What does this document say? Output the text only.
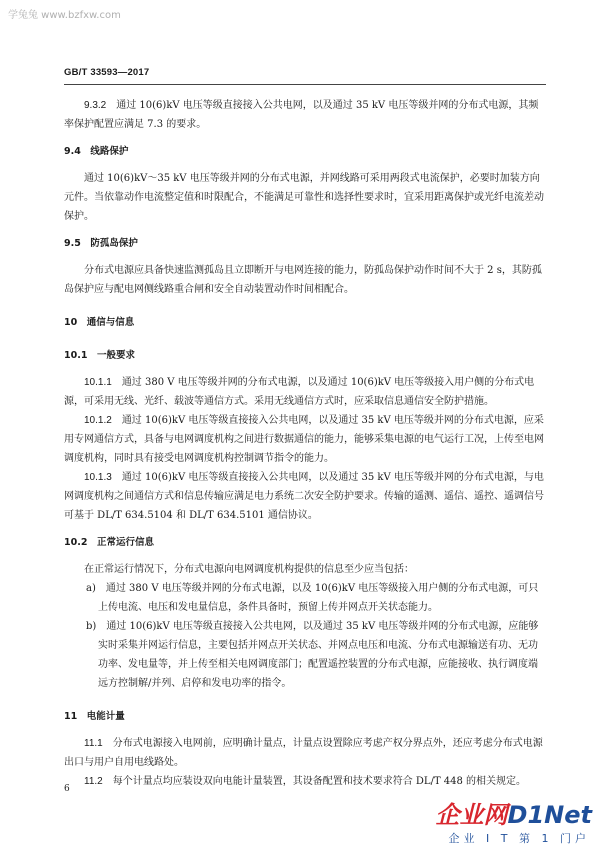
学兔兔 www.bzfxw.com
GB/T 33593—2017

9.3.2　 通过 10(6)kV 电压等级直接接入公共电网，以及通过 35 kV 电压等级并网的分布式电源，其频率保护配置应满足 7.3 的要求。

9.4　 线路保护

通过 10(6)kV～35 kV 电压等级并网的分布式电源，并网线路可采用两段式电流保护，必要时加装方向元件。当依靠动作电流整定值和时限配合，不能满足可靠性和选择性要求时，宜采用距离保护或光纤电流差动保护。

9.5　 防孤岛保护

分布式电源应具备快速监测孤岛且立即断开与电网连接的能力，防孤岛保护动作时间不大于 2 s，其防孤岛保护应与配电网侧线路重合闸和安全自动装置动作时间相配合。

10　 通信与信息

10.1　 一般要求

10.1.1　 通过 380 V 电压等级并网的分布式电源，以及通过 10(6)kV 电压等级接入用户侧的分布式电源，可采用无线、光纤、载波等通信方式。采用无线通信方式时，应采取信息通信安全防护措施。

10.1.2　 通过 10(6)kV 电压等级直接接入公共电网，以及通过 35 kV 电压等级并网的分布式电源，应采用专网通信方式，具备与电网调度机构之间进行数据通信的能力，能够采集电源的电气运行工况，上传至电网调度机构，同时具有接受电网调度机构控制调节指令的能力。

10.1.3　 通过 10(6)kV 电压等级直接接入公共电网，以及通过 35 kV 电压等级并网的分布式电源，与电网调度机构之间通信方式和信息传输应满足电力系统二次安全防护要求。传输的遥测、遥信、遥控、遥调信号可基于 DL/T 634.5104 和 DL/T 634.5101 通信协议。

10.2　 正常运行信息

在正常运行情况下，分布式电源向电网调度机构提供的信息至少应当包括：

a)　 通过 380 V 电压等级并网的分布式电源，以及 10(6)kV 电压等级接入用户侧的分布式电源，可只上传电流、电压和发电量信息，条件具备时，预留上传并网点开关状态能力。

b)　 通过 10(6)kV 电压等级直接接入公共电网，以及通过 35 kV 电压等级并网的分布式电源，应能够实时采集并网运行信息，主要包括并网点开关状态、并网点电压和电流、分布式电源输送有功、无功功率、发电量等，并上传至相关电网调度部门；配置遥控装置的分布式电源，应能接收、执行调度端远方控制解/并列、启停和发电功率的指令。

11　 电能计量

11.1　 分布式电源接入电网前，应明确计量点，计量点设置除应考虑产权分界点外，还应考虑分布式电源出口与用户自用电线路处。

11.2　 每个计量点均应装设双向电能计量装置，其设备配置和技术要求符合 DL/T 448 的相关规定。

6
企业网D1Net
企业 I T 第 1 门户
